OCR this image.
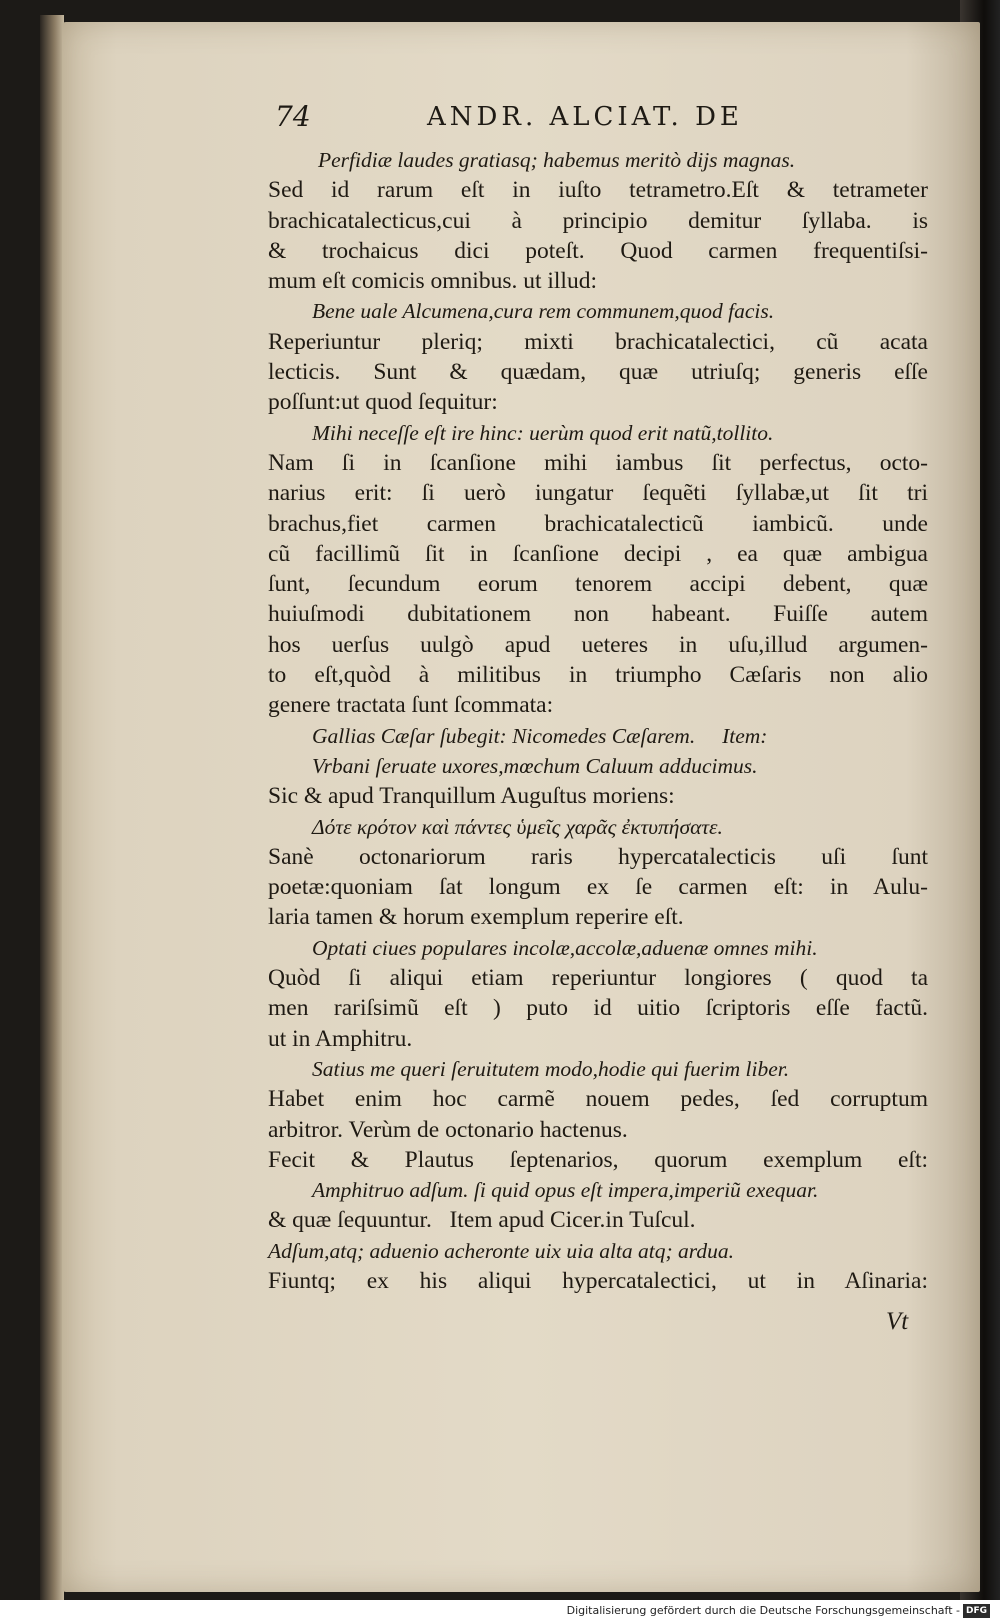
74	ANDR. ALCIAT. DE
Perfidiæ laudes gratiasq; habemus meritò dijs magnas.
Sed id rarum eſt in iuſto tetrametro.Eſt & tetrameter
brachicatalecticus,cui à principio demitur ſyllaba. is
& trochaicus dici poteſt. Quod carmen frequentiſsi-
mum eſt comicis omnibus. ut illud:
Bene uale Alcumena,cura rem communem,quod facis.
Reperiuntur pleriq; mixti brachicatalectici, cũ acata
lecticis. Sunt & quædam, quæ utriuſq; generis eſſe
poſſunt:ut quod ſequitur:
Mihi neceſſe eſt ire hinc: uerùm quod erit natũ,tollito.
Nam ſi in ſcanſione mihi iambus ſit perfectus, octo-
narius erit: ſi uerò iungatur ſequẽti ſyllabæ,ut ſit tri
brachus,fiet carmen brachicatalecticũ iambicũ. unde
cũ facillimũ ſit in ſcanſione decipi , ea quæ ambigua
ſunt, ſecundum eorum tenorem accipi debent, quæ
huiuſmodi dubitationem non habeant. Fuiſſe autem
hos uerſus uulgò apud ueteres in uſu,illud argumen-
to eſt,quòd à militibus in triumpho Cæſaris non alio
genere tractata ſunt ſcommata:
Gallias Cæſar ſubegit: Nicomedes Cæſarem.     Item:
Vrbani ſeruate uxores,mœchum Caluum adducimus.
Sic & apud Tranquillum Auguſtus moriens:
Δότε κρότον καὶ πάντες ὑμεῖς χαρᾶς ἐκτυπήσατε.
Sanè octonariorum raris hypercatalecticis uſi ſunt
poetæ:quoniam ſat longum ex ſe carmen eſt: in Aulu-
laria tamen & horum exemplum reperire eſt.
Optati ciues populares incolæ,accolæ,aduenæ omnes mihi.
Quòd ſi aliqui etiam reperiuntur longiores ( quod ta
men rariſsimũ eſt ) puto id uitio ſcriptoris eſſe factũ.
ut in Amphitru.
Satius me queri ſeruitutem modo,hodie qui fuerim liber.
Habet enim hoc carmẽ nouem pedes, ſed corruptum
arbitror. Verùm de octonario hactenus.
Fecit & Plautus ſeptenarios, quorum exemplum eſt:
Amphitruo adſum. ſi quid opus eſt impera,imperiũ exequar.
& quæ ſequuntur.   Item apud Cicer.in Tuſcul.
Adſum,atq; aduenio acheronte uix uia alta atq; ardua.
Fiuntq; ex his aliqui hypercatalectici, ut in Aſinaria:
Vt
Digitalisierung gefördert durch die Deutsche Forschungsgemeinschaft - DFG
